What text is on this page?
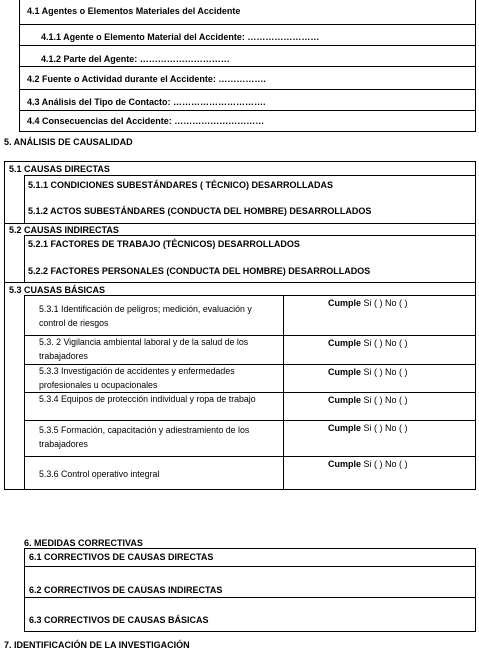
4.1 Agentes o Elementos Materiales del Accidente
4.1.1 Agente o Elemento Material del Accidente: ……………………
4.1.2 Parte del Agente: …………………………
4.2 Fuente o Actividad durante el Accidente: …………….
4.3 Análisis del Tipo de Contacto: ………………………….
4.4 Consecuencias del Accidente: …………………………
5. ANÁLISIS DE CAUSALIDAD
5.1 CAUSAS DIRECTAS
5.1.1 CONDICIONES SUBESTÁNDARES ( TÉCNICO) DESARROLLADAS
5.1.2 ACTOS SUBESTÁNDARES (CONDUCTA DEL HOMBRE) DESARROLLADOS
5.2 CAUSAS INDIRECTAS
5.2.1 FACTORES DE TRABAJO (TÉCNICOS) DESARROLLADOS
5.2.2 FACTORES PERSONALES (CONDUCTA DEL HOMBRE) DESARROLLADOS
5.3 CUASAS BÁSICAS
5.3.1 Identificación de peligros; medición, evaluación y control de riesgos
Cumple Si ( ) No ( )
5.3. 2 Vigilancia ambiental laboral y de la salud de los trabajadores
Cumple Si ( ) No ( )
5.3.3 Investigación de accidentes y enfermedades profesionales u ocupacionales
Cumple Si ( ) No ( )
5.3.4 Equipos de protección individual y ropa de trabajo	Cumple Si ( ) No ( )
5.3.5 Formación, capacitación y adiestramiento de los trabajadores
Cumple Si ( ) No ( )
5.3.6 Control operativo integral
Cumple Si ( ) No ( )
6. MEDIDAS CORRECTIVAS
6.1 CORRECTIVOS DE CAUSAS DIRECTAS
6.2 CORRECTIVOS DE CAUSAS INDIRECTAS
6.3 CORRECTIVOS DE CAUSAS BÁSICAS
7. IDENTIFICACIÓN DE LA INVESTIGACIÓN
